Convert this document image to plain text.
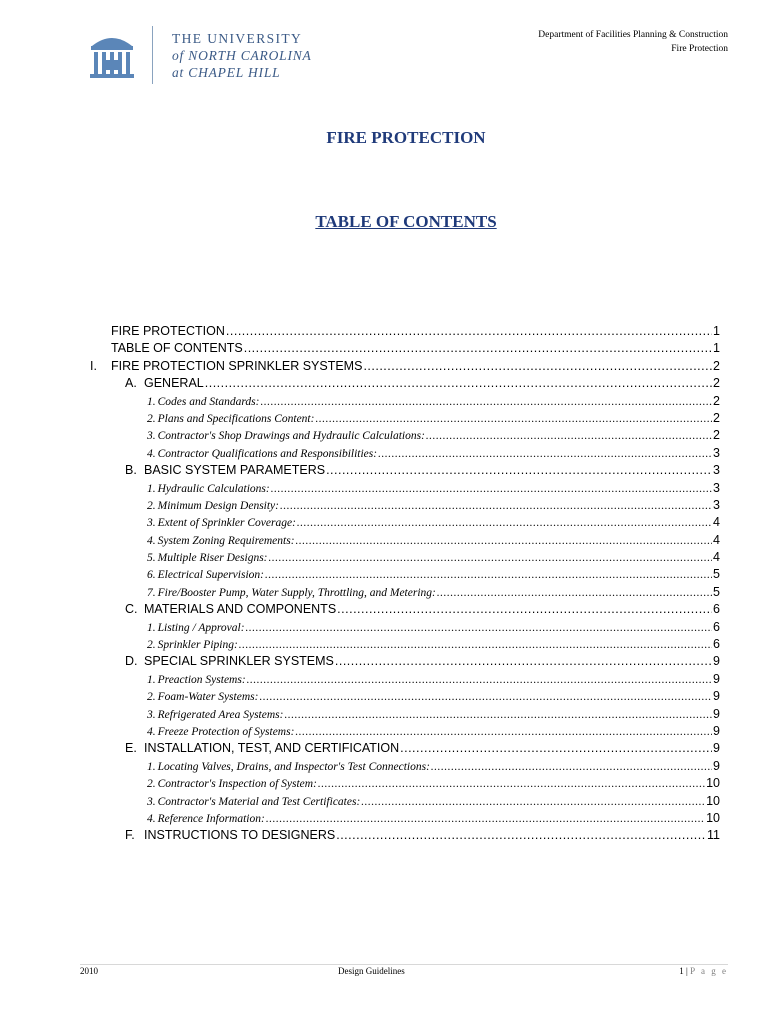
THE UNIVERSITY
of NORTH CAROLINA
at CHAPEL HILL
Department of Facilities Planning & Construction
Fire Protection
FIRE PROTECTION
TABLE OF CONTENTS
FIRE PROTECTION .....	1
TABLE OF CONTENTS .....	1
I. FIRE PROTECTION SPRINKLER SYSTEMS .....	2
A. GENERAL .....	2
1. Codes and Standards: .....	2
2. Plans and Specifications Content: .....	2
3. Contractor's Shop Drawings and Hydraulic Calculations: .....	2
4. Contractor Qualifications and Responsibilities: .....	3
B. BASIC SYSTEM PARAMETERS .....	3
1. Hydraulic Calculations: .....	3
2. Minimum Design Density: .....	3
3. Extent of Sprinkler Coverage: .....	4
4. System Zoning Requirements: .....	4
5. Multiple Riser Designs: .....	4
6. Electrical Supervision: .....	5
7. Fire/Booster Pump, Water Supply, Throttling, and Metering: .....	5
C. MATERIALS AND COMPONENTS .....	6
1. Listing / Approval: .....	6
2. Sprinkler Piping: .....	6
D. SPECIAL SPRINKLER SYSTEMS .....	9
1. Preaction Systems: .....	9
2. Foam-Water Systems: .....	9
3. Refrigerated Area Systems: .....	9
4. Freeze Protection of Systems: .....	9
E. INSTALLATION, TEST, AND CERTIFICATION .....	9
1. Locating Valves, Drains, and Inspector's Test Connections: .....	9
2. Contractor's Inspection of System: .....	10
3. Contractor's Material and Test Certificates: .....	10
4. Reference Information: .....	10
F. INSTRUCTIONS TO DESIGNERS .....	11
2010	Design Guidelines	1 | P a g e
